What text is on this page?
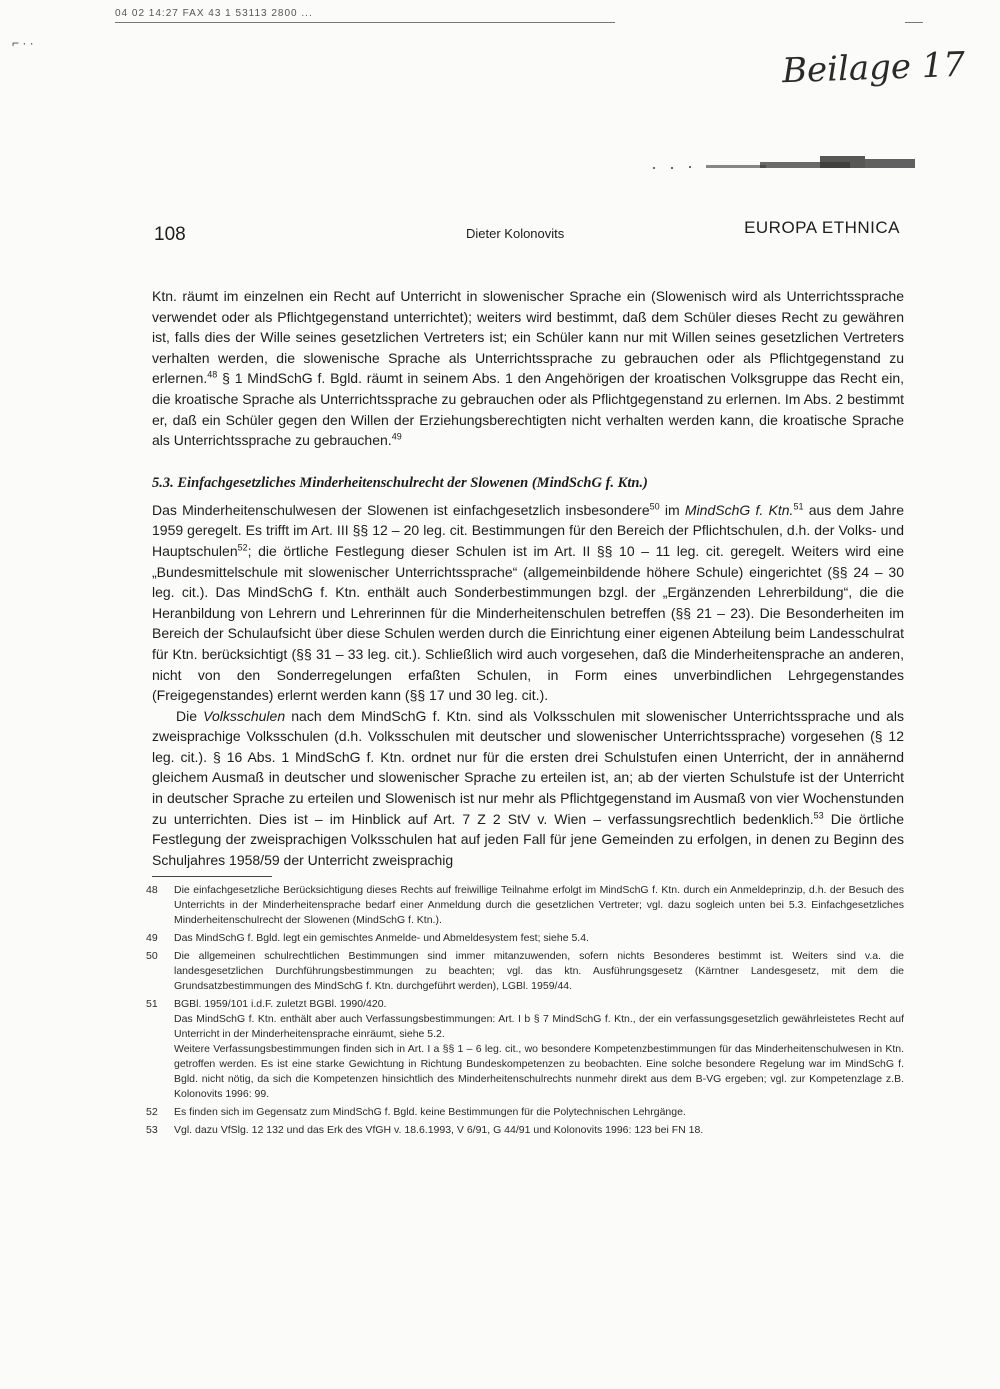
04 02 14:27 FAX 43 1 53113 2800 ...
⌐ · ·
Beilage 17
108	Dieter Kolonovits	EUROPA ETHNICA

Ktn. räumt im einzelnen ein Recht auf Unterricht in slowenischer Sprache ein (Slowenisch wird als Unterrichtssprache verwendet oder als Pflichtgegenstand unterrichtet); weiters wird bestimmt, daß dem Schüler dieses Recht zu gewähren ist, falls dies der Wille seines gesetzlichen Vertreters ist; ein Schüler kann nur mit Willen seines gesetzlichen Vertreters verhalten werden, die slowenische Sprache als Unterrichtssprache zu gebrauchen oder als Pflichtgegenstand zu erlernen.$^{48}$ § 1 MindSchG f. Bgld. räumt in seinem Abs. 1 den Angehörigen der kroatischen Volksgruppe das Recht ein, die kroatische Sprache als Unterrichtssprache zu gebrauchen oder als Pflichtgegenstand zu erlernen. Im Abs. 2 bestimmt er, daß ein Schüler gegen den Willen der Erziehungsberechtigten nicht verhalten werden kann, die kroatische Sprache als Unterrichtssprache zu gebrauchen.$^{49}$

5.3. Einfachgesetzliches Minderheitenschulrecht der Slowenen (MindSchG f. Ktn.)

Das Minderheitenschulwesen der Slowenen ist einfachgesetzlich insbesondere$^{50}$ im MindSchG f. Ktn.$^{51}$ aus dem Jahre 1959 geregelt. Es trifft im Art. III §§ 12 – 20 leg. cit. Bestimmungen für den Bereich der Pflichtschulen, d.h. der Volks- und Hauptschulen$^{52}$; die örtliche Festlegung dieser Schulen ist im Art. II §§ 10 – 11 leg. cit. geregelt. Weiters wird eine „Bundesmittelschule mit slowenischer Unterrichtssprache“ (allgemeinbildende höhere Schule) eingerichtet (§§ 24 – 30 leg. cit.). Das MindSchG f. Ktn. enthält auch Sonderbestimmungen bzgl. der „Ergänzenden Lehrerbildung“, die die Heranbildung von Lehrern und Lehrerinnen für die Minderheitenschulen betreffen (§§ 21 – 23). Die Besonderheiten im Bereich der Schulaufsicht über diese Schulen werden durch die Einrichtung einer eigenen Abteilung beim Landesschulrat für Ktn. berücksichtigt (§§ 31 – 33 leg. cit.). Schließlich wird auch vorgesehen, daß die Minderheitensprache an anderen, nicht von den Sonderregelungen erfaßten Schulen, in Form eines unverbindlichen Lehrgegenstandes (Freigegenstandes) erlernt werden kann (§§ 17 und 30 leg. cit.).

Die Volksschulen nach dem MindSchG f. Ktn. sind als Volksschulen mit slowenischer Unterrichtssprache und als zweisprachige Volksschulen (d.h. Volksschulen mit deutscher und slowenischer Unterrichtssprache) vorgesehen (§ 12 leg. cit.). § 16 Abs. 1 MindSchG f. Ktn. ordnet nur für die ersten drei Schulstufen einen Unterricht, der in annähernd gleichem Ausmaß in deutscher und slowenischer Sprache zu erteilen ist, an; ab der vierten Schulstufe ist der Unterricht in deutscher Sprache zu erteilen und Slowenisch ist nur mehr als Pflichtgegenstand im Ausmaß von vier Wochenstunden zu unterrichten. Dies ist – im Hinblick auf Art. 7 Z 2 StV v. Wien – verfassungsrechtlich bedenklich.$^{53}$ Die örtliche Festlegung der zweisprachigen Volksschulen hat auf jeden Fall für jene Gemeinden zu erfolgen, in denen zu Beginn des Schuljahres 1958/59 der Unterricht zweisprachig

48 Die einfachgesetzliche Berücksichtigung dieses Rechts auf freiwillige Teilnahme erfolgt im MindSchG f. Ktn. durch ein Anmeldeprinzip, d.h. der Besuch des Unterrichts in der Minderheitensprache bedarf einer Anmeldung durch die gesetzlichen Vertreter; vgl. dazu sogleich unten bei 5.3. Einfachgesetzliches Minderheitenschulrecht der Slowenen (MindSchG f. Ktn.).

49 Das MindSchG f. Bgld. legt ein gemischtes Anmelde- und Abmeldesystem fest; siehe 5.4.

50 Die allgemeinen schulrechtlichen Bestimmungen sind immer mitanzuwenden, sofern nichts Besonderes bestimmt ist. Weiters sind v.a. die landesgesetzlichen Durchführungsbestimmungen zu beachten; vgl. das ktn. Ausführungsgesetz (Kärntner Landesgesetz, mit dem die Grundsatzbestimmungen des MindSchG f. Ktn. durchgeführt werden), LGBl. 1959/44.

51 BGBl. 1959/101 i.d.F. zuletzt BGBl. 1990/420.
Das MindSchG f. Ktn. enthält aber auch Verfassungsbestimmungen: Art. I b § 7 MindSchG f. Ktn., der ein verfassungsgesetzlich gewährleistetes Recht auf Unterricht in der Minderheitensprache einräumt, siehe 5.2.
Weitere Verfassungsbestimmungen finden sich in Art. I a §§ 1 – 6 leg. cit., wo besondere Kompetenzbestimmungen für das Minderheitenschulwesen in Ktn. getroffen werden. Es ist eine starke Gewichtung in Richtung Bundeskompetenzen zu beobachten. Eine solche besondere Regelung war im MindSchG f. Bgld. nicht nötig, da sich die Kompetenzen hinsichtlich des Minderheitenschulrechts nunmehr direkt aus dem B-VG ergeben; vgl. zur Kompetenzlage z.B. Kolonovits 1996: 99.

52 Es finden sich im Gegensatz zum MindSchG f. Bgld. keine Bestimmungen für die Polytechnischen Lehrgänge.

53 Vgl. dazu VfSlg. 12 132 und das Erk des VfGH v. 18.6.1993, V 6/91, G 44/91 und Kolonovits 1996: 123 bei FN 18.
